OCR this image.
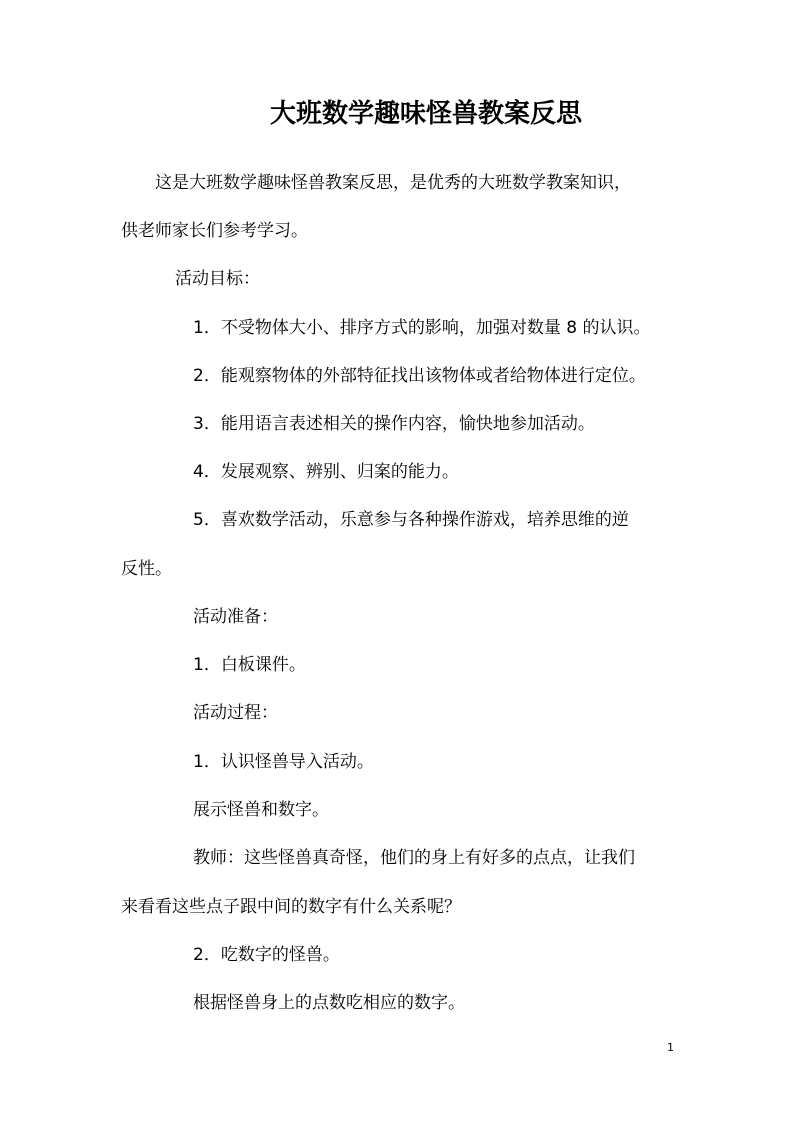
大班数学趣味怪兽教案反思
这是大班数学趣味怪兽教案反思，是优秀的大班数学教案知识，
供老师家长们参考学习。
活动目标：
1．不受物体大小、排序方式的影响，加强对数量 8 的认识。
2．能观察物体的外部特征找出该物体或者给物体进行定位。
3．能用语言表述相关的操作内容，愉快地参加活动。
4．发展观察、辨别、归案的能力。
5．喜欢数学活动，乐意参与各种操作游戏，培养思维的逆
反性。
活动准备：
1．白板课件。
活动过程：
1．认识怪兽导入活动。
展示怪兽和数字。
教师：这些怪兽真奇怪，他们的身上有好多的点点，让我们
来看看这些点子跟中间的数字有什么关系呢？
2．吃数字的怪兽。
根据怪兽身上的点数吃相应的数字。
1
